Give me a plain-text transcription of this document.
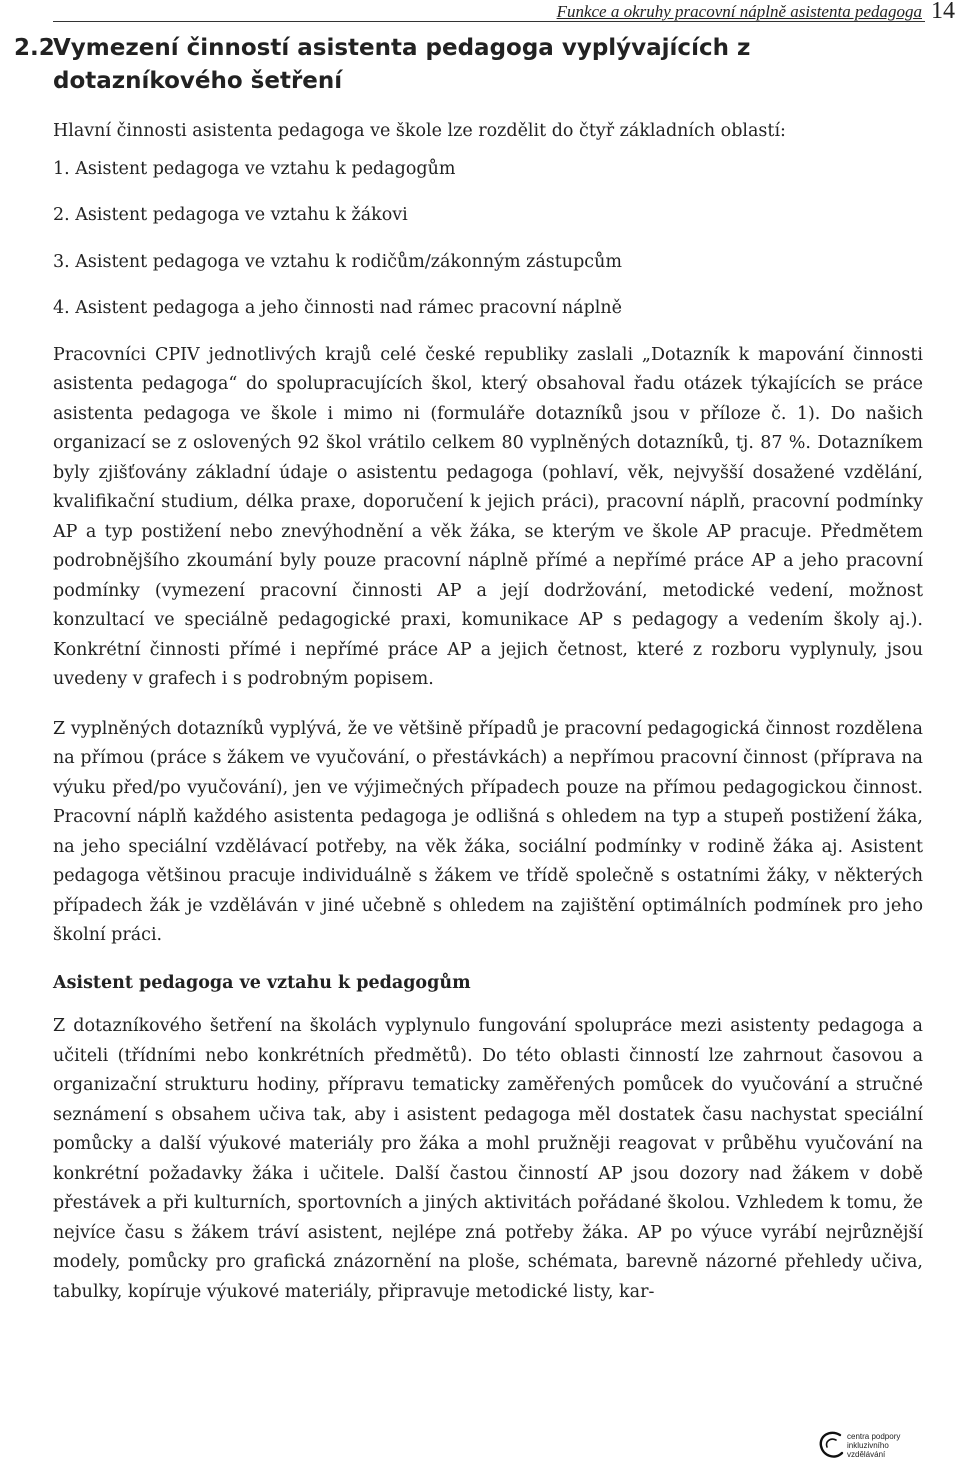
Funkce a okruhy pracovní náplně asistenta pedagoga 14
2.2
Vymezení činností asistenta pedagoga vyplývajících z dotazníkového šetření

Hlavní činnosti asistenta pedagoga ve škole lze rozdělit do čtyř základních oblastí:

1. Asistent pedagoga ve vztahu k pedagogům
2. Asistent pedagoga ve vztahu k žákovi
3. Asistent pedagoga ve vztahu k rodičům/zákonným zástupcům
4. Asistent pedagoga a jeho činnosti nad rámec pracovní náplně

Pracovníci CPIV jednotlivých krajů celé české republiky zaslali „Dotazník k mapování činnosti asistenta pedagoga“ do spolupracujících škol, který obsahoval řadu otázek týkajících se práce asistenta pedagoga ve škole i mimo ni (formuláře dotazníků jsou v příloze č. 1). Do našich organizací se z oslovených 92 škol vrátilo celkem 80 vyplněných dotazníků, tj. 87 %. Dotazníkem byly zjišťovány základní údaje o asistentu pedagoga (pohlaví, věk, nejvyšší dosažené vzdělání, kvalifikační studium, délka praxe, doporučení k jejich práci), pracovní náplň, pracovní podmínky AP a typ postižení nebo znevýhodnění a věk žáka, se kterým ve škole AP pracuje. Předmětem podrobnějšího zkoumání byly pouze pracovní náplně přímé a nepřímé práce AP a jeho pracovní podmínky (vymezení pracovní činnosti AP a její dodržování, metodické vedení, možnost konzultací ve speciálně pedagogické praxi, komunikace AP s pedagogy a vedením školy aj.). Konkrétní činnosti přímé i nepřímé práce AP a jejich četnost, které z rozboru vyplynuly, jsou uvedeny v grafech i s podrobným popisem.

Z vyplněných dotazníků vyplývá, že ve většině případů je pracovní pedagogická činnost rozdělena na přímou (práce s žákem ve vyučování, o přestávkách) a nepřímou pracovní činnost (příprava na výuku před/po vyučování), jen ve výjimečných případech pouze na přímou pedagogickou činnost. Pracovní náplň každého asistenta pedagoga je odlišná s ohledem na typ a stupeň postižení žáka, na jeho speciální vzdělávací potřeby, na věk žáka, sociální podmínky v rodině žáka aj. Asistent pedagoga většinou pracuje individuálně s žákem ve třídě společně s ostatními žáky, v některých případech žák je vzděláván v jiné učebně s ohledem na zajištění optimálních podmínek pro jeho školní práci.

Asistent pedagoga ve vztahu k pedagogům

Z dotazníkového šetření na školách vyplynulo fungování spolupráce mezi asistenty pedagoga a učiteli (třídními nebo konkrétních předmětů). Do této oblasti činností lze zahrnout časovou a organizační strukturu hodiny, přípravu tematicky zaměřených pomůcek do vyučování a stručné seznámení s obsahem učiva tak, aby i asistent pedagoga měl dostatek času nachystat speciální pomůcky a další výukové materiály pro žáka a mohl pružněji reagovat v průběhu vyučování na konkrétní požadavky žáka i učitele. Další častou činností AP jsou dozory nad žákem v době přestávek a při kulturních, sportovních a jiných aktivitách pořádané školou. Vzhledem k tomu, že nejvíce času s žákem tráví asistent, nejlépe zná potřeby žáka. AP po výuce vyrábí nejrůznější modely, pomůcky pro grafická znázornění na ploše, schémata, barevně názorné přehledy učiva, tabulky, kopíruje výukové materiály, připravuje metodické listy, kar-

centra podpory
inkluzivního vzdělávání
